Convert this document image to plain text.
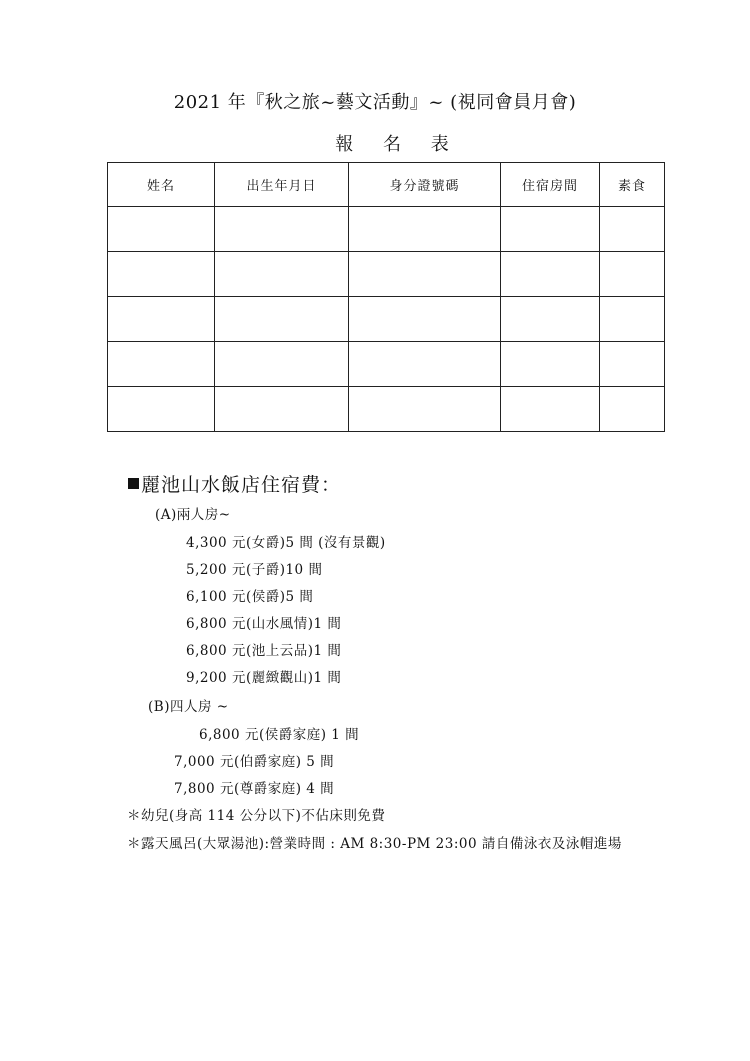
2021 年『秋之旅~藝文活動』~ (視同會員月會)
報 名 表
姓名	出生年月日	身分證號碼	住宿房間	素食

麗池山水飯店住宿費：
(A)兩人房~
4,300 元(女爵)5 間 (沒有景觀)
5,200 元(子爵)10 間
6,100 元(侯爵)5 間
6,800 元(山水風情)1 間
6,800 元(池上云品)1 間
9,200 元(麗緻觀山)1 間
(B)四人房 ~
6,800 元(侯爵家庭) 1 間
7,000 元(伯爵家庭) 5 間
7,800 元(尊爵家庭) 4 間
＊幼兒(身高 114 公分以下)不佔床則免費
＊露天風呂(大眾湯池):營業時間 : AM 8:30-PM 23:00 請自備泳衣及泳帽進場
